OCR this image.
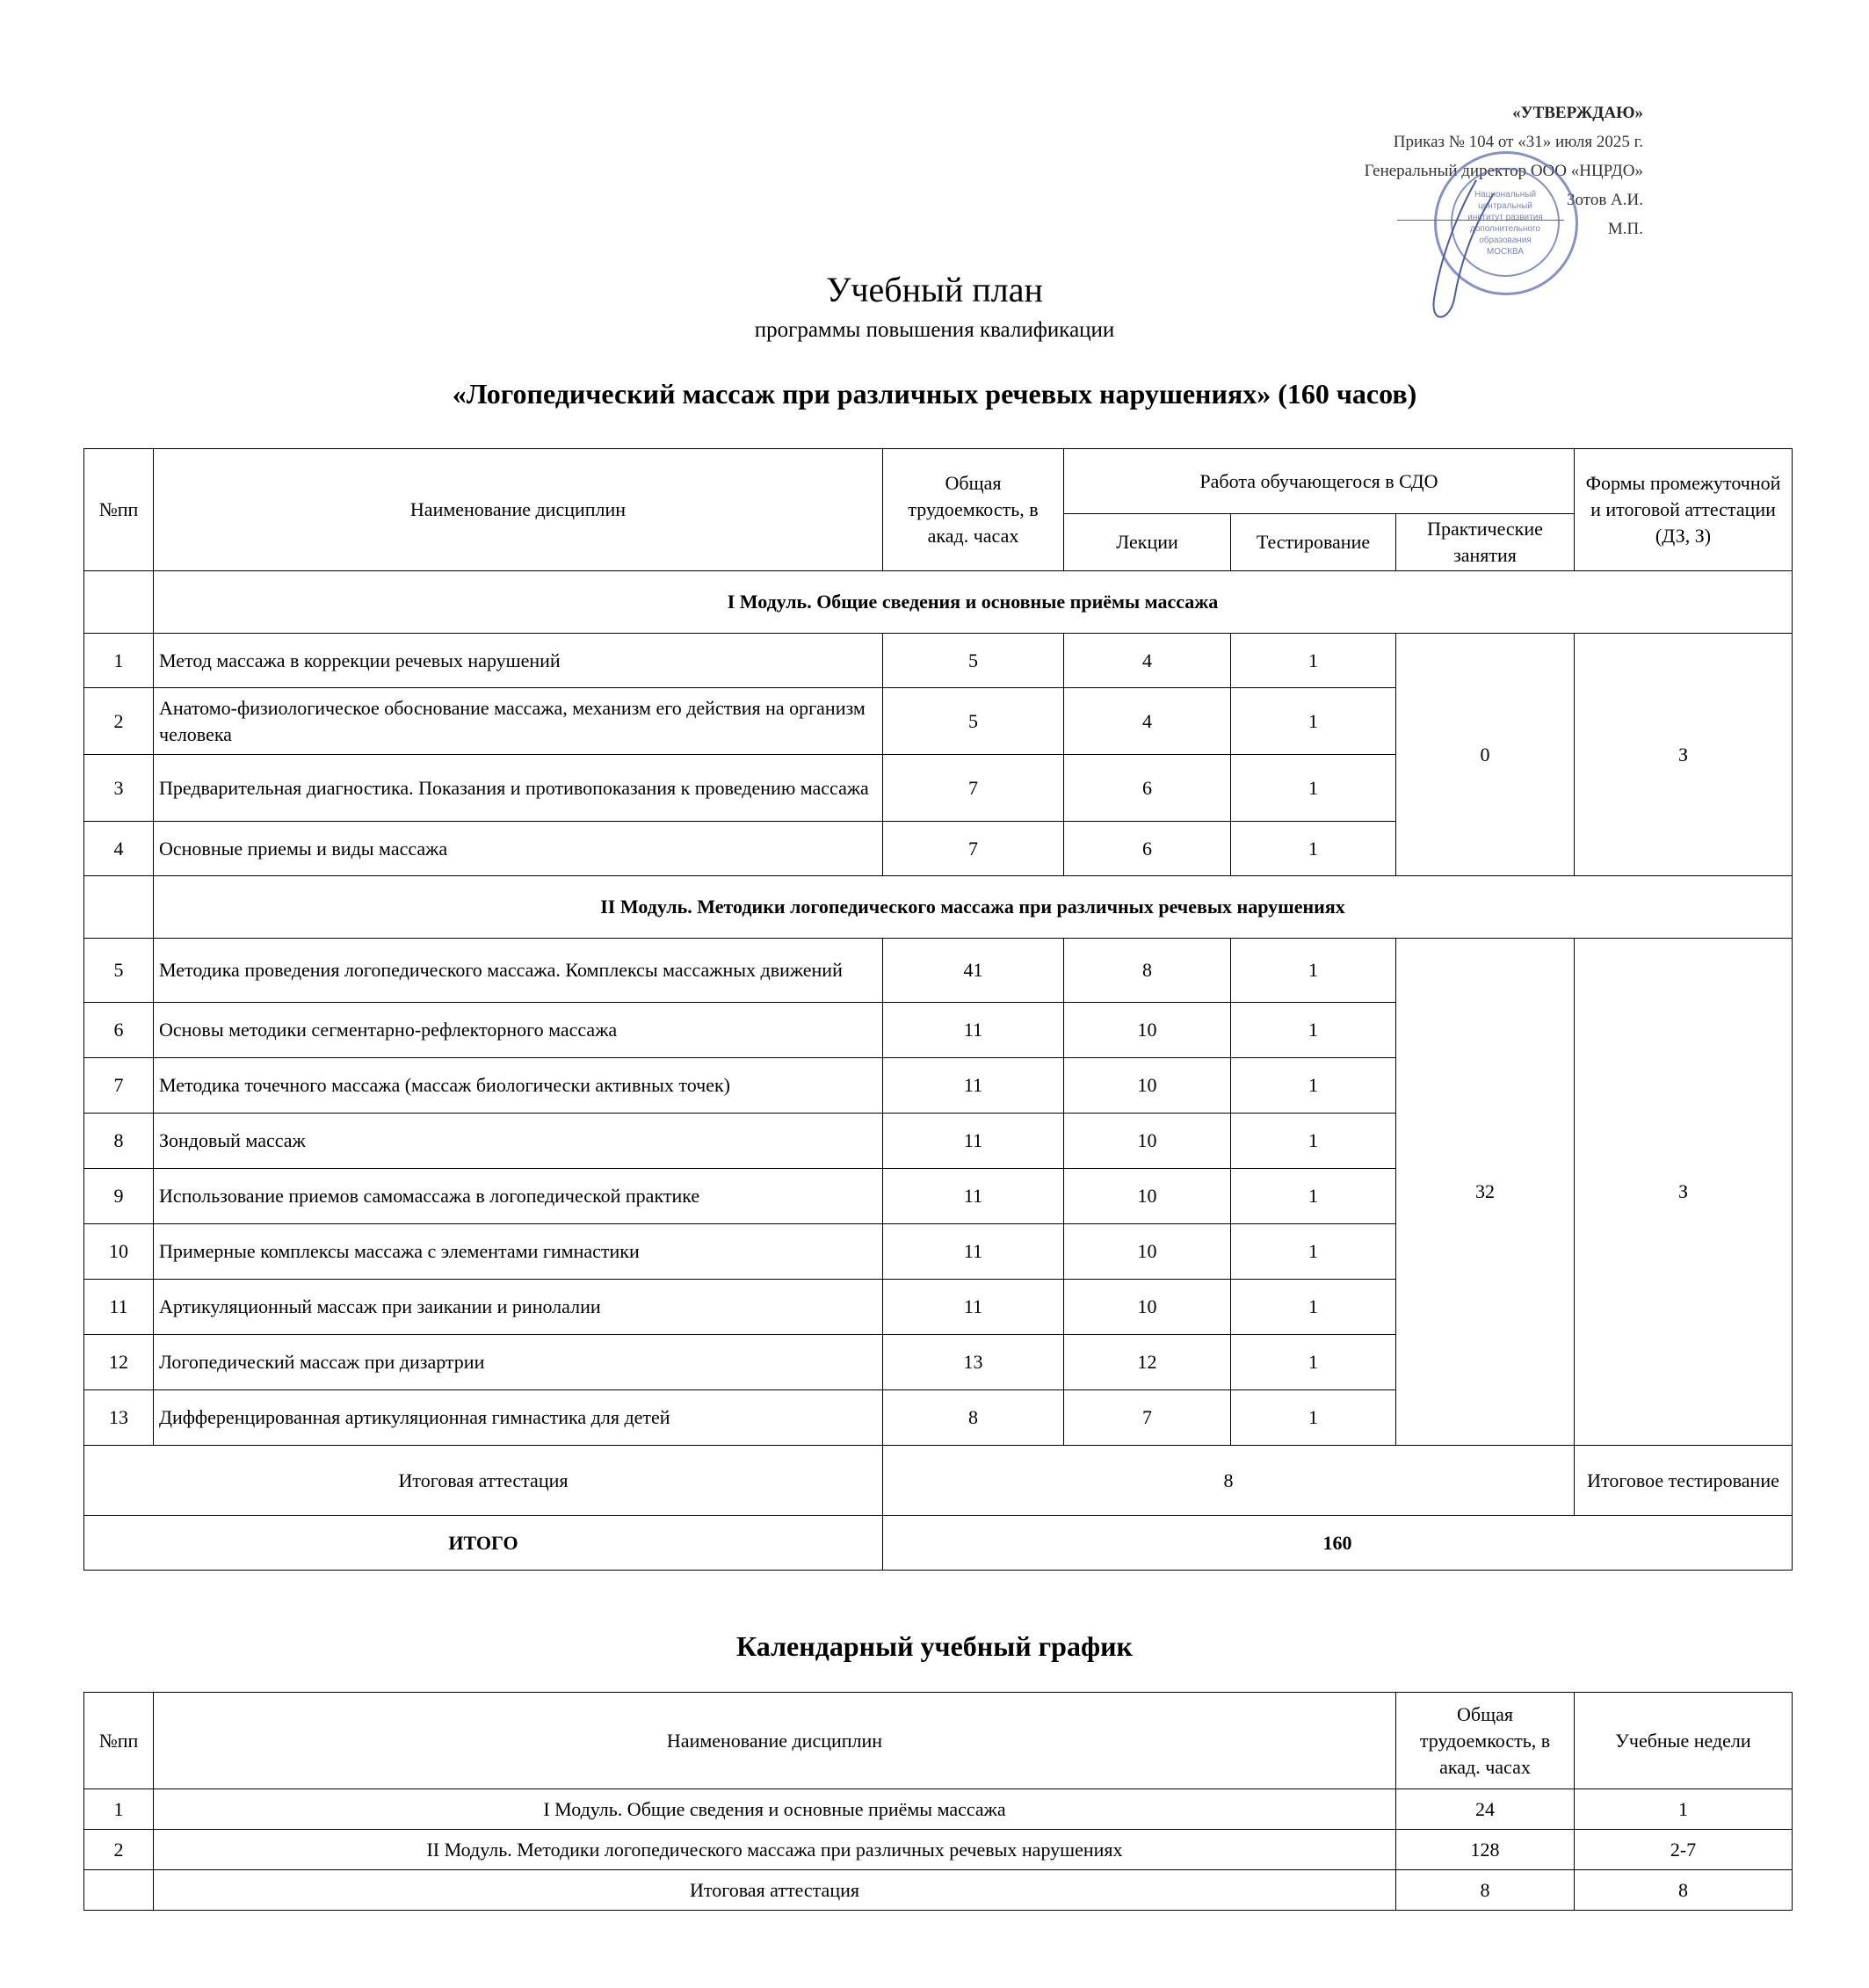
«УТВЕРЖДАЮ»
Приказ № 104 от «31» июля 2025 г.
Генеральный директор ООО «НЦРДО»
Зотов А.И.
М.П.
Национальный центральный институт развития дополнительного образования МОСКВА
Учебный план
программы повышения квалификации
«Логопедический массаж при различных речевых нарушениях» (160 часов)
№пп	Наименование дисциплин	Общая трудоемкость, в акад. часах	Работа обучающегося в СДО			Формы промежуточной и итоговой аттестации (ДЗ, З)
			Лекции	Тестирование	Практические занятия	
	I Модуль. Общие сведения и основные приёмы массажа					
1	Метод массажа в коррекции речевых нарушений	5	4	1	0	З
2	Анатомо-физиологическое обоснование массажа, механизм его действия на организм человека	5	4	1		
3	Предварительная диагностика. Показания и противопоказания к проведению массажа	7	6	1		
4	Основные приемы и виды массажа	7	6	1		
	II Модуль. Методики логопедического массажа при различных речевых нарушениях					
5	Методика проведения логопедического массажа. Комплексы массажных движений	41	8	1	32	З
6	Основы методики сегментарно-рефлекторного массажа	11	10	1		
7	Методика точечного массажа (массаж биологически активных точек)	11	10	1		
8	Зондовый массаж	11	10	1		
9	Использование приемов самомассажа в логопедической практике	11	10	1		
10	Примерные комплексы массажа с элементами гимнастики	11	10	1		
11	Артикуляционный массаж при заикании и ринолалии	11	10	1		
12	Логопедический массаж при дизартрии	13	12	1		
13	Дифференцированная артикуляционная гимнастика для детей	8	7	1		
Итоговая аттестация		8				Итоговое тестирование
ИТОГО		160				
Календарный учебный график
№пп	Наименование дисциплин	Общая трудоемкость, в акад. часах	Учебные недели
1	I Модуль. Общие сведения и основные приёмы массажа	24	1
2	II Модуль. Методики логопедического массажа при различных речевых нарушениях	128	2-7
	Итоговая аттестация	8	8
